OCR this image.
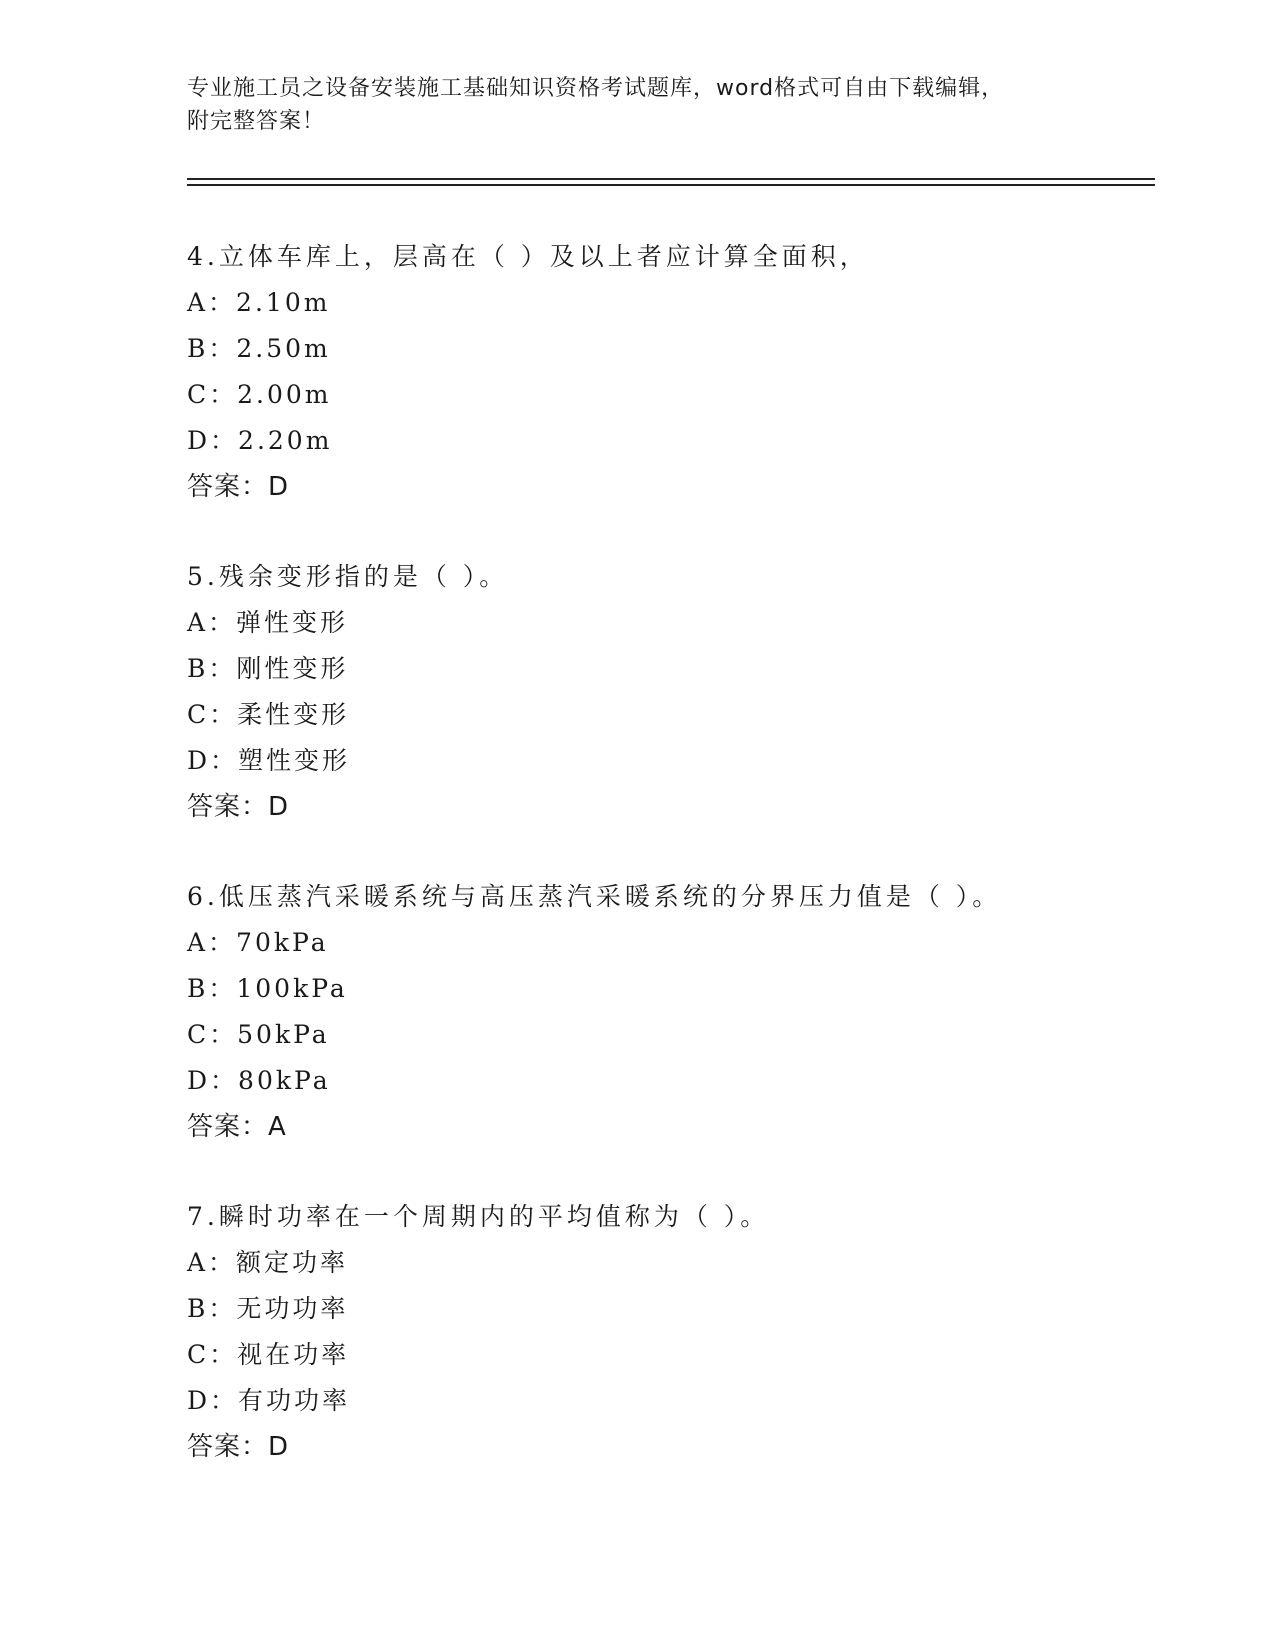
专业施工员之设备安装施工基础知识资格考试题库，word格式可自由下载编辑，
附完整答案！
4.立体车库上，层高在（ ）及以上者应计算全面积，
A：2.10m
B：2.50m
C：2.00m
D：2.20m
答案：D
5.残余变形指的是（ ）。
A：弹性变形
B：刚性变形
C：柔性变形
D：塑性变形
答案：D
6.低压蒸汽采暖系统与高压蒸汽采暖系统的分界压力值是（ ）。
A：70kPa
B：100kPa
C：50kPa
D：80kPa
答案：A
7.瞬时功率在一个周期内的平均值称为（ ）。
A：额定功率
B：无功功率
C：视在功率
D：有功功率
答案：D
